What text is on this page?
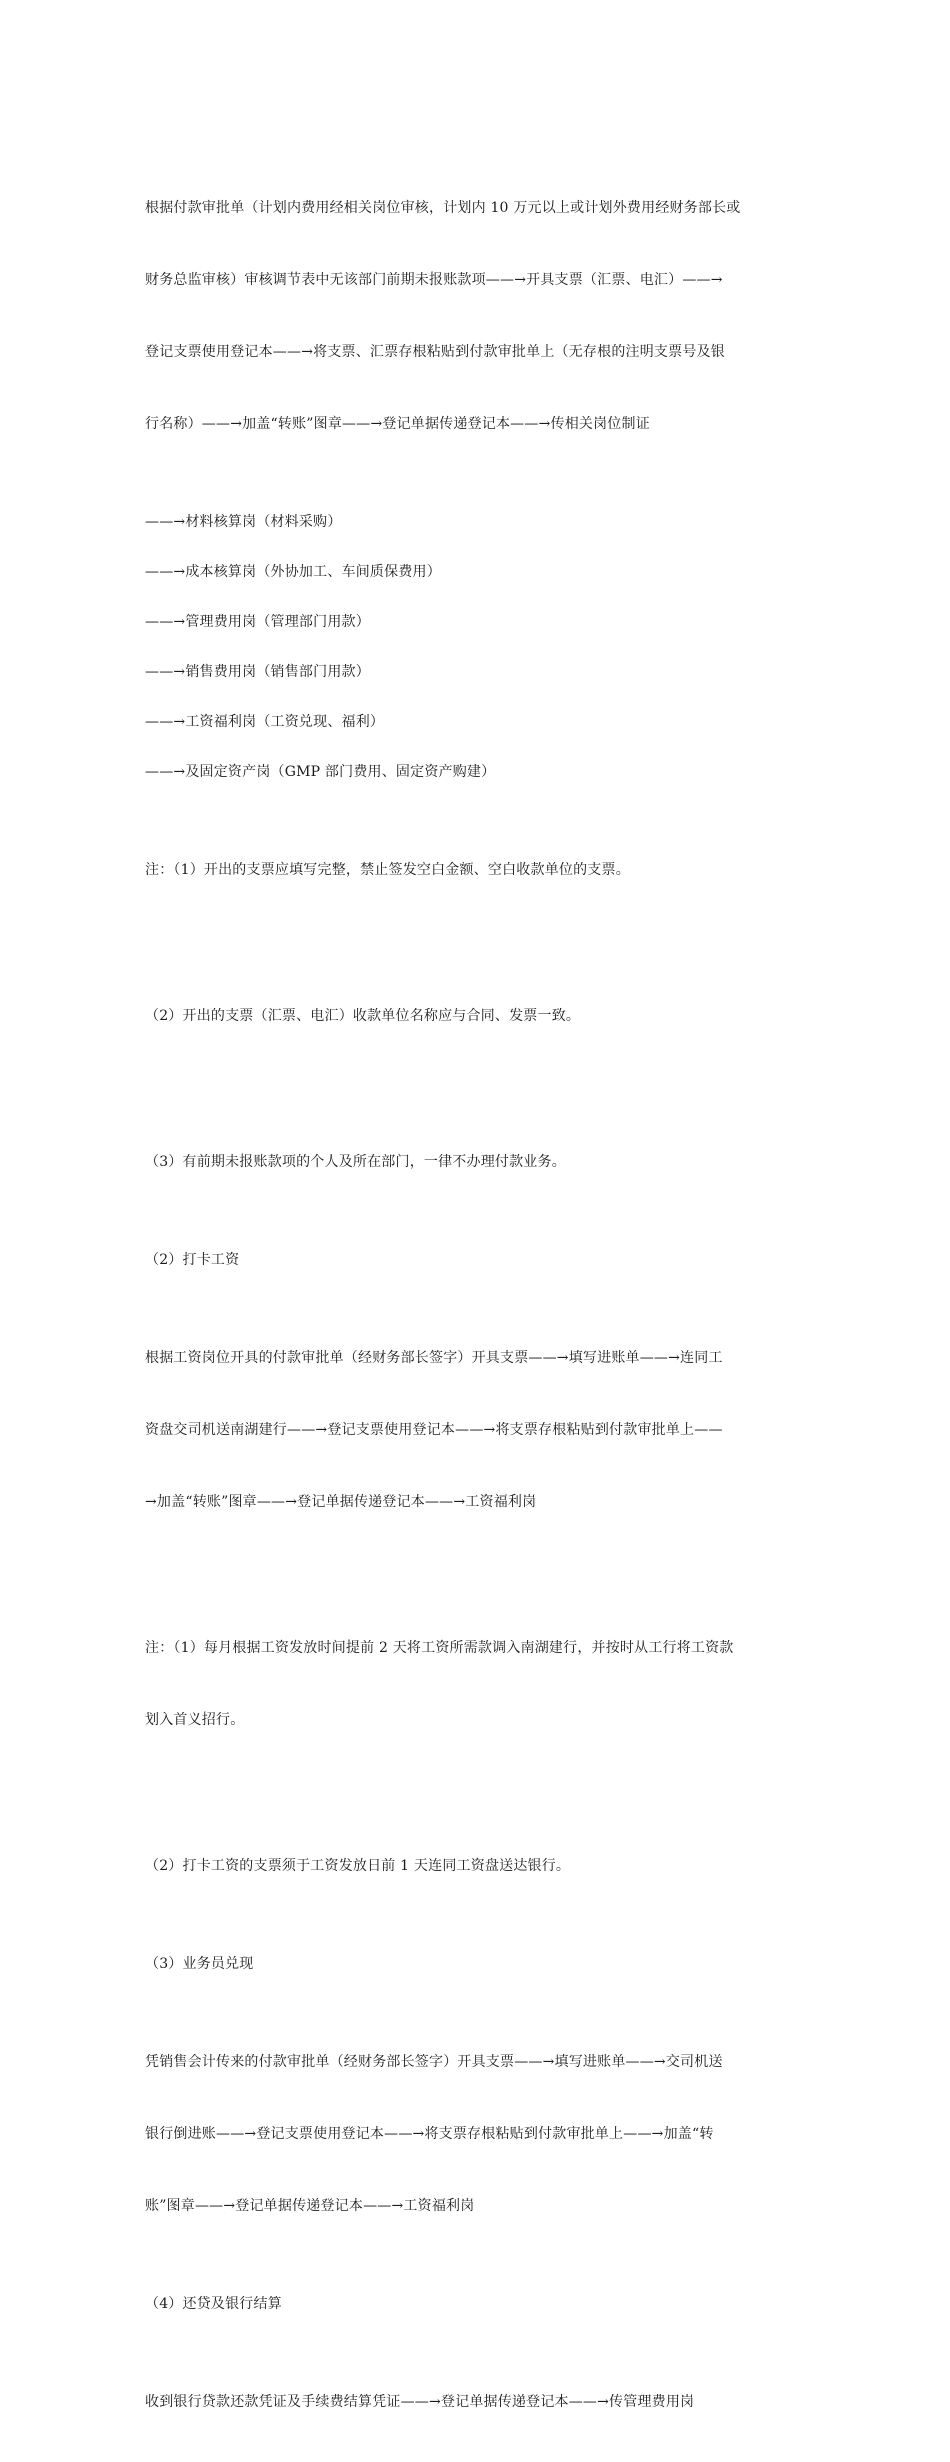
根据付款审批单（计划内费用经相关岗位审核，计划内 10 万元以上或计划外费用经财务部长或

财务总监审核）审核调节表中无该部门前期未报账款项——→开具支票（汇票、电汇）——→

登记支票使用登记本——→将支票、汇票存根粘贴到付款审批单上（无存根的注明支票号及银

行名称）——→加盖“转账”图章——→登记单据传递登记本——→传相关岗位制证

——→材料核算岗（材料采购）

——→成本核算岗（外协加工、车间质保费用）

——→管理费用岗（管理部门用款）

——→销售费用岗（销售部门用款）

——→工资福利岗（工资兑现、福利）

——→及固定资产岗（GMP 部门费用、固定资产购建）

注：（1）开出的支票应填写完整，禁止签发空白金额、空白收款单位的支票。

（2）开出的支票（汇票、电汇）收款单位名称应与合同、发票一致。

（3）有前期未报账款项的个人及所在部门，一律不办理付款业务。

（2）打卡工资

根据工资岗位开具的付款审批单（经财务部长签字）开具支票——→填写进账单——→连同工

资盘交司机送南湖建行——→登记支票使用登记本——→将支票存根粘贴到付款审批单上——

→加盖“转账”图章——→登记单据传递登记本——→工资福利岗

注：（1）每月根据工资发放时间提前 2 天将工资所需款调入南湖建行，并按时从工行将工资款

划入首义招行。

（2）打卡工资的支票须于工资发放日前 1 天连同工资盘送达银行。

（3）业务员兑现

凭销售会计传来的付款审批单（经财务部长签字）开具支票——→填写进账单——→交司机送

银行倒进账——→登记支票使用登记本——→将支票存根粘贴到付款审批单上——→加盖“转

账”图章——→登记单据传递登记本——→工资福利岗

（4）还贷及银行结算

收到银行贷款还款凭证及手续费结算凭证——→登记单据传递登记本——→传管理费用岗
